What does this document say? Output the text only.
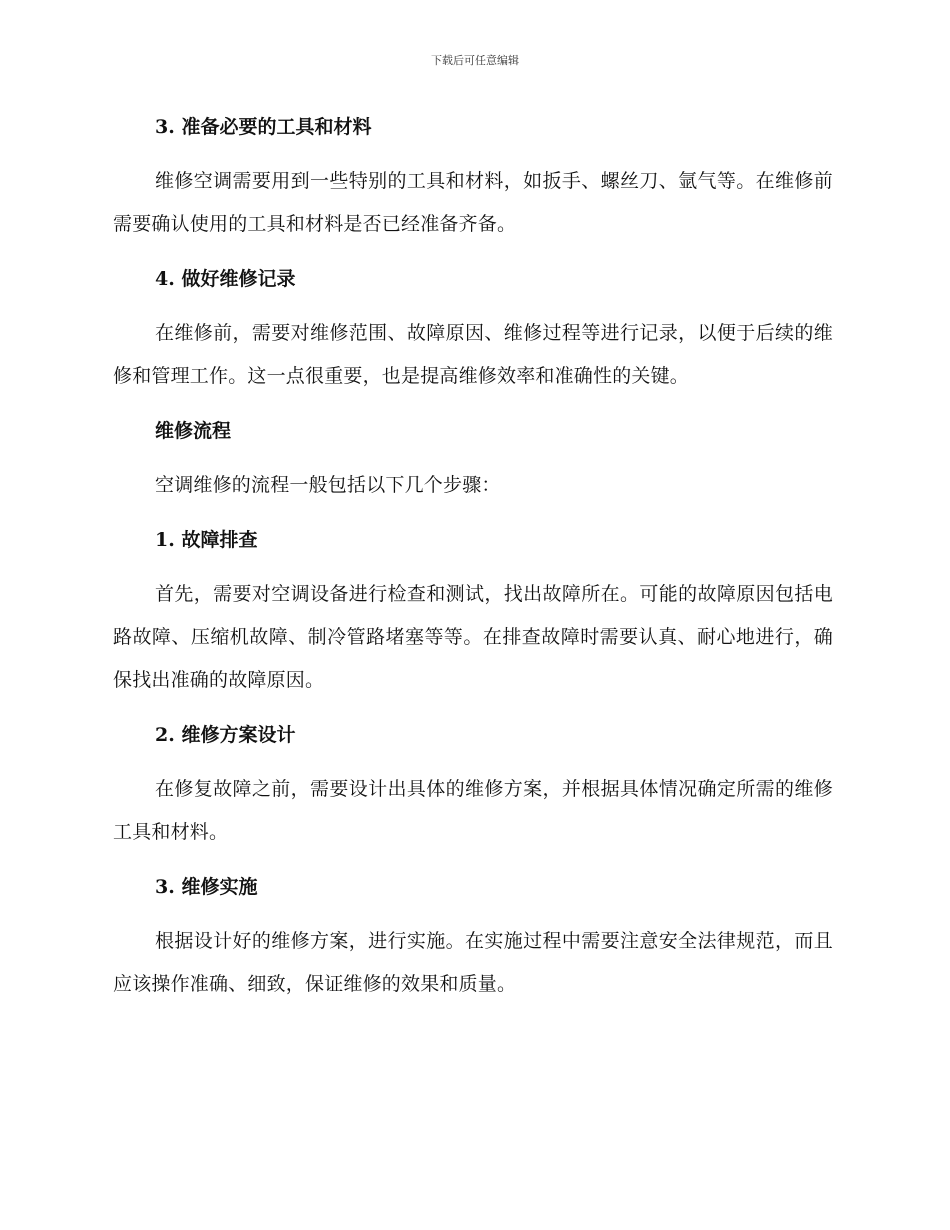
下载后可任意编辑
3. 准备必要的工具和材料

维修空调需要用到一些特别的工具和材料，如扳手、螺丝刀、氩气等。在维修前需要确认使用的工具和材料是否已经准备齐备。

4. 做好维修记录

在维修前，需要对维修范围、故障原因、维修过程等进行记录，以便于后续的维修和管理工作。这一点很重要，也是提高维修效率和准确性的关键。

维修流程

空调维修的流程一般包括以下几个步骤：

1. 故障排查

首先，需要对空调设备进行检查和测试，找出故障所在。可能的故障原因包括电路故障、压缩机故障、制冷管路堵塞等等。在排查故障时需要认真、耐心地进行，确保找出准确的故障原因。

2. 维修方案设计

在修复故障之前，需要设计出具体的维修方案，并根据具体情况确定所需的维修工具和材料。

3. 维修实施

根据设计好的维修方案，进行实施。在实施过程中需要注意安全法律规范，而且应该操作准确、细致，保证维修的效果和质量。
